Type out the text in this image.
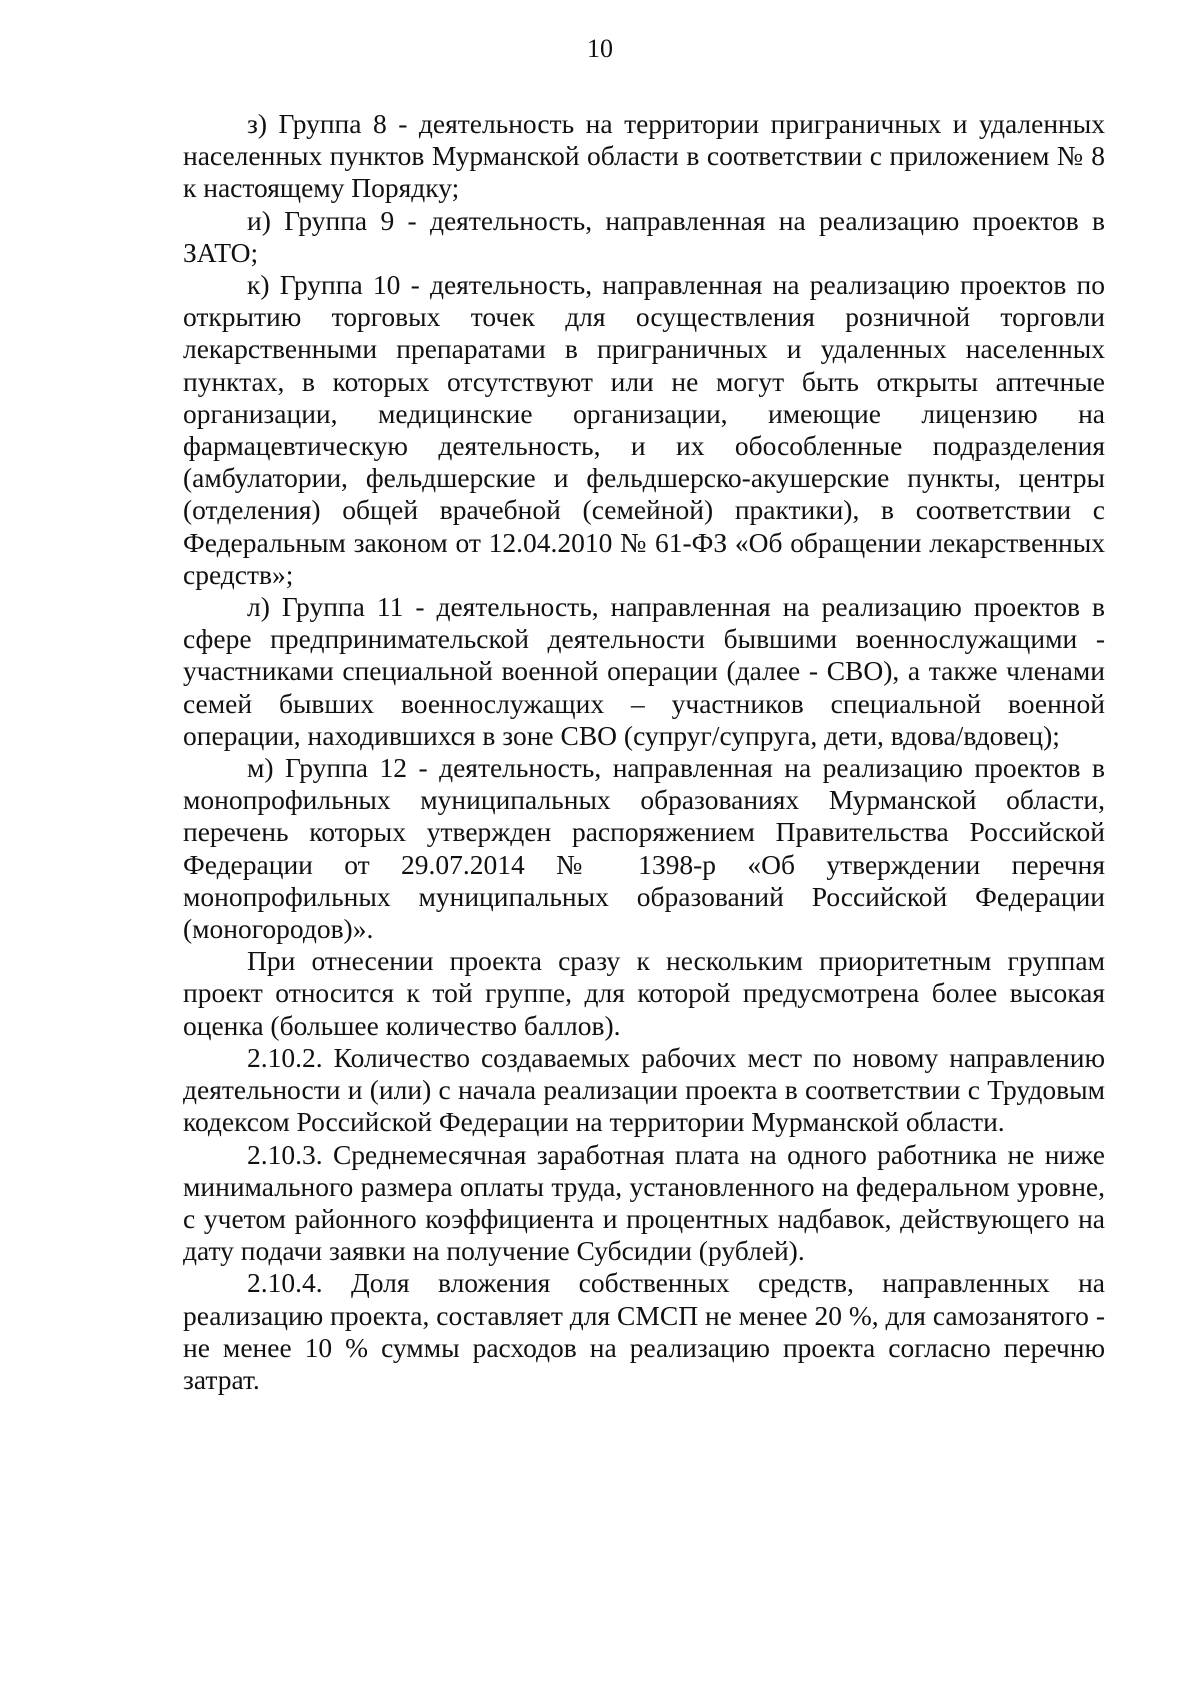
10

з) Группа 8 - деятельность на территории приграничных и удаленных населенных пунктов Мурманской области в соответствии с приложением № 8 к настоящему Порядку;

и) Группа 9 - деятельность, направленная на реализацию проектов в ЗАТО;

к) Группа 10 - деятельность, направленная на реализацию проектов по открытию торговых точек для осуществления розничной торговли лекарственными препаратами в приграничных и удаленных населенных пунктах, в которых отсутствуют или не могут быть открыты аптечные организации, медицинские организации, имеющие лицензию на фармацевтическую деятельность, и их обособленные подразделения (амбулатории, фельдшерские и фельдшерско-акушерские пункты, центры (отделения) общей врачебной (семейной) практики), в соответствии с Федеральным законом от 12.04.2010 № 61-ФЗ «Об обращении лекарственных средств»;

л) Группа 11 - деятельность, направленная на реализацию проектов в сфере предпринимательской деятельности бывшими военнослужащими - участниками специальной военной операции (далее - СВО), а также членами семей бывших военнослужащих – участников специальной военной операции, находившихся в зоне СВО (супруг/супруга, дети, вдова/вдовец);

м) Группа 12 - деятельность, направленная на реализацию проектов в монопрофильных муниципальных образованиях Мурманской области, перечень которых утвержден распоряжением Правительства Российской Федерации от 29.07.2014 № 1398-р «Об утверждении перечня монопрофильных муниципальных образований Российской Федерации (моногородов)».

При отнесении проекта сразу к нескольким приоритетным группам проект относится к той группе, для которой предусмотрена более высокая оценка (большее количество баллов).

2.10.2. Количество создаваемых рабочих мест по новому направлению деятельности и (или) с начала реализации проекта в соответствии с Трудовым кодексом Российской Федерации на территории Мурманской области.

2.10.3. Среднемесячная заработная плата на одного работника не ниже минимального размера оплаты труда, установленного на федеральном уровне, с учетом районного коэффициента и процентных надбавок, действующего на дату подачи заявки на получение Субсидии (рублей).

2.10.4. Доля вложения собственных средств, направленных на реализацию проекта, составляет для СМСП не менее 20 %, для самозанятого - не менее 10 % суммы расходов на реализацию проекта согласно перечню затрат.
